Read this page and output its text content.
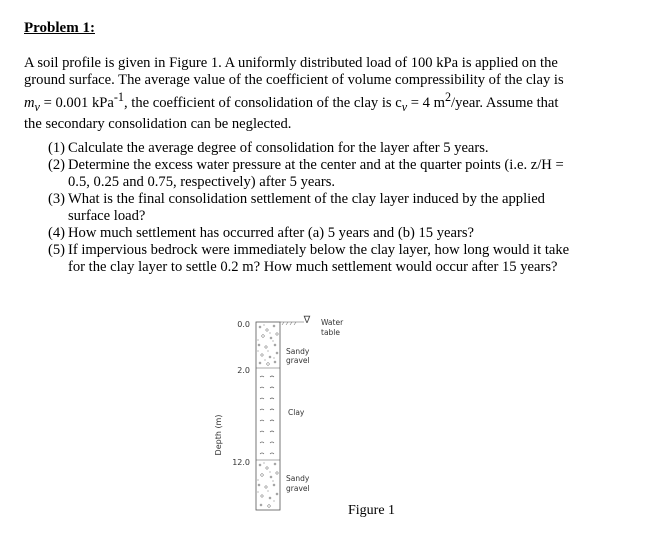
Problem 1:

A soil profile is given in Figure 1. A uniformly distributed load of 100 kPa is applied on the

ground surface. The average value of the coefficient of volume compressibility of the clay is

$m_v = 0.001$ kPa$^{-1}$, the coefficient of consolidation of the clay is $c_v = 4$ $m^2$/year. Assume that

the secondary consolidation can be neglected.

(1) Calculate the average degree of consolidation for the layer after 5 years.
(2) Determine the excess water pressure at the center and at the quarter points (i.e. z/H =
0.5, 0.25 and 0.75, respectively) after 5 years.
(3) What is the final consolidation settlement of the clay layer induced by the applied
surface load?
(4) How much settlement has occurred after (a) 5 years and (b) 15 years?
(5) If impervious bedrock were immediately below the clay layer, how long would it take
for the clay layer to settle 0.2 m? How much settlement would occur after 15 years?
Depth (m)
0.0
2.0
12.0
∇ Water
table
Sandy
gravel
Clay
Sandy
gravel
Figure 1
